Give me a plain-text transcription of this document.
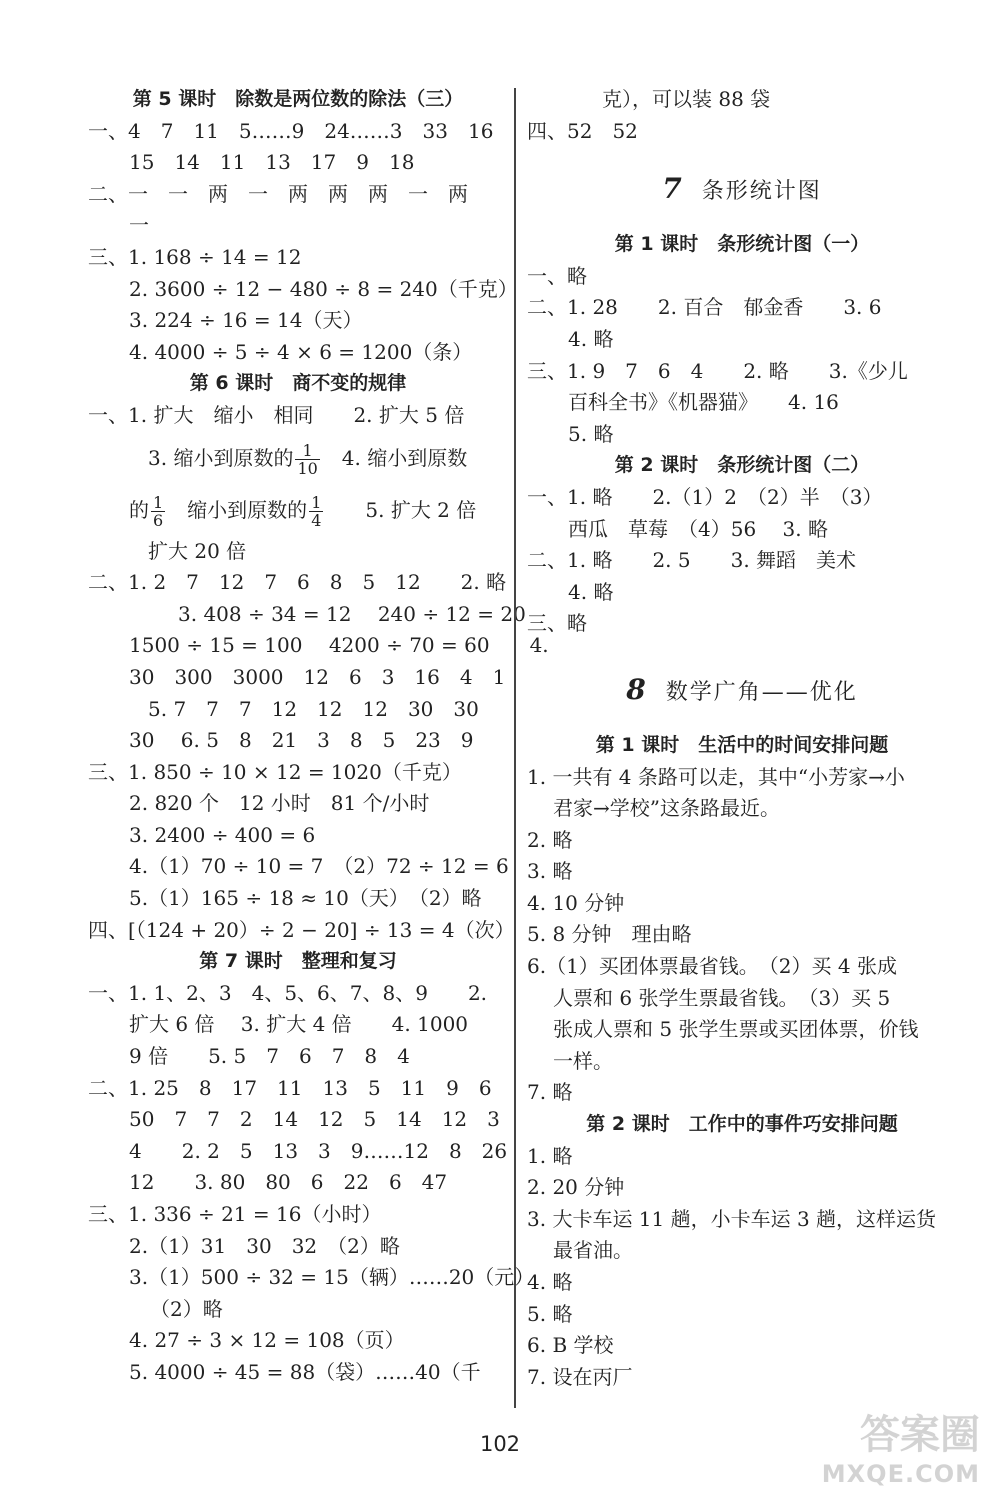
第 5 课时　除数是两位数的除法（三）
一、4　7　11　5……9　24……3　33　16
15　14　11　13　17　9　18
二、一　一　两　一　两　两　两　一　两
一
三、1. 168 ÷ 14 = 12
2. 3600 ÷ 12 − 480 ÷ 8 = 240（千克）
3. 224 ÷ 16 = 14（天）
4. 4000 ÷ 5 ÷ 4 × 6 = 1200（条）
第 6 课时　商不变的规律
一、1. 扩大　缩小　相同　　2. 扩大 5 倍
3. 缩小到原数的 $\frac{1}{10}$ 　4. 缩小到原数
的 $\frac{1}{6}$ 　缩小到原数的 $\frac{1}{4}$ 　　5. 扩大 2 倍
扩大 20 倍
二、1. 2　7　12　7　6　8　5　12　　2. 略
3. 408 ÷ 34 = 12　 240 ÷ 12 = 20
1500 ÷ 15 = 100　 4200 ÷ 70 = 60　　4.
30　300　3000　12　6　3　16　4　1
5. 7　7　7　12　12　12　30　30
30　 6. 5　8　21　3　8　5　23　9
三、1. 850 ÷ 10 × 12 = 1020（千克）
2. 820 个　12 小时　81 个/小时
3. 2400 ÷ 400 = 6
4.（1）70 ÷ 10 = 7　（2）72 ÷ 12 = 6
5.（1）165 ÷ 18 ≈ 10（天）　（2）略
四、[（124 + 20）÷ 2 − 20] ÷ 13 = 4（次）
第 7 课时　整理和复习
一、1. 1、2、3　4、5、6、7、8、9　　2.
扩大 6 倍　 3. 扩大 4 倍　　4. 1000
9 倍　　5. 5　7　6　7　8　4
二、1. 25　8　17　11　13　5　11　9　6
50　7　7　2　14　12　5　14　12　3
4　　2. 2　5　13　3　9……12　8　26
12　　3. 80　80　6　22　6　47
三、1. 336 ÷ 21 = 16（小时）
2.（1）31　30　32　（2）略
3.（1）500 ÷ 32 = 15（辆）……20（元）
（2）略
4. 27 ÷ 3 × 12 = 108（页）
5. 4000 ÷ 45 = 88（袋）……40（千
克），可以装 88 袋
四、52　52
7 条形统计图
第 1 课时　条形统计图（一）
一、略
二、1. 28　　2. 百合　郁金香　　3. 6
4. 略
三、1. 9　7　6　4　　2. 略　　3.《少儿
百科全书》《机器猫》　　4. 16
5. 略
第 2 课时　条形统计图（二）
一、1. 略　　2.（1）2　（2）半　（3）
西瓜　草莓　（4）56　 3. 略
二、1. 略　　2. 5　　3. 舞蹈　美术
4. 略
三、略
8 数学广角——优化
第 1 课时　生活中的时间安排问题
1. 一共有 4 条路可以走，其中“小芳家→小
君家→学校”这条路最近。
2. 略
3. 略
4. 10 分钟
5. 8 分钟　理由略
6.（1）买团体票最省钱。　（2）买 4 张成
人票和 6 张学生票最省钱。　（3）买 5
张成人票和 5 张学生票或买团体票，价钱
一样。
7. 略
第 2 课时　工作中的事件巧安排问题
1. 略
2. 20 分钟
3. 大卡车运 11 趟，小卡车运 3 趟，这样运货
最省油。
4. 略
5. 略
6. B 学校
7. 设在丙厂
102	答案圈
MXQE.COM
